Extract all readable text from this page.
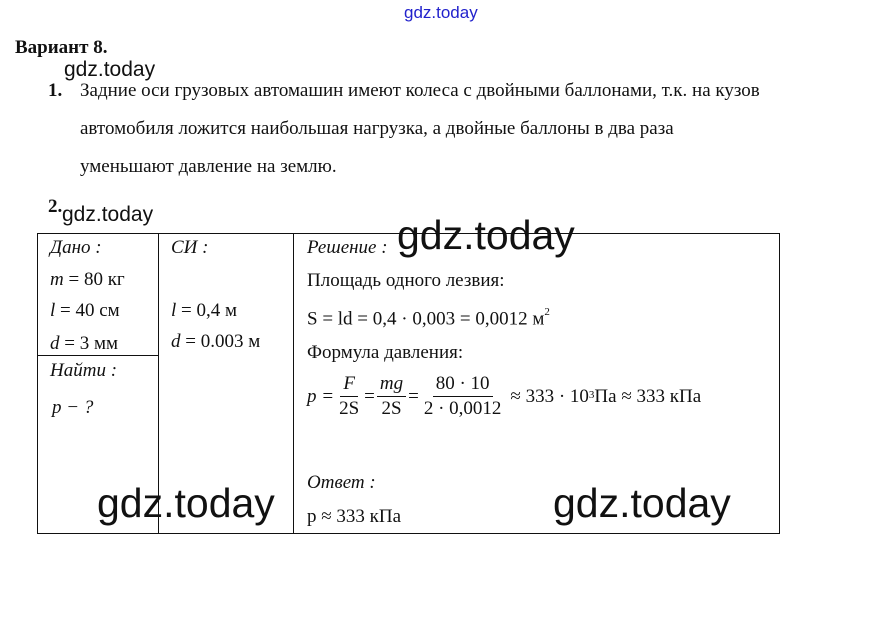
gdz.today
gdz.today
Вариант 8.
1. Задние оси грузовых автомашин имеют колеса с двойными баллонами, т.к. на кузов
автомобиля ложится наибольшая нагрузка, а двойные баллоны в два раза
уменьшают давление на землю.
2. gdz.today
Дано :
m = 80 кг
l = 40 см
d = 3 мм
Найти :
p − ?
СИ :
l = 0,4 м
d = 0.003 м
Решение : gdz.today
Площадь одного лезвия:
S = ld = 0,4 · 0,003 = 0,0012 $м^2$
Формула давления:
$p = \frac{F}{2S} = \frac{mg}{2S} = \frac{80 \cdot 10}{2 \cdot 0,0012} \approx 333 \cdot 10$ 3 Па ≈ 333 кПа
Ответ :
p ≈ 333 кПа
gdz.today	gdz.today
